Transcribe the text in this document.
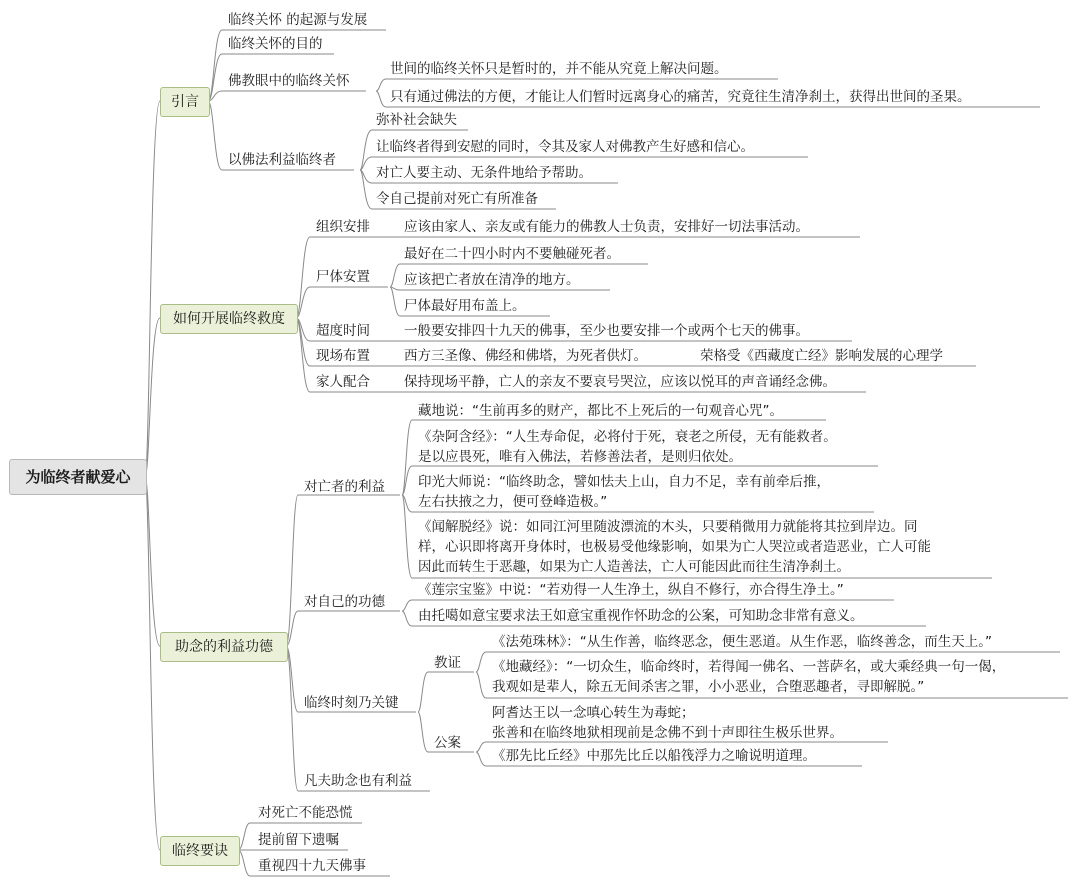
为临终者献爱心
引言
临终关怀 的起源与发展
临终关怀的目的
佛教眼中的临终关怀
世间的临终关怀只是暂时的，并不能从究竟上解决问题。
只有通过佛法的方便，才能让人们暂时远离身心的痛苦，究竟往生清净刹土，获得出世间的圣果。
以佛法利益临终者
弥补社会缺失
让临终者得到安慰的同时，令其及家人对佛教产生好感和信心。
对亡人要主动、无条件地给予帮助。
令自己提前对死亡有所准备
如何开展临终救度
组织安排	应该由家人、亲友或有能力的佛教人士负责，安排好一切法事活动。
尸体安置
最好在二十四小时内不要触碰死者。
应该把亡者放在清净的地方。
尸体最好用布盖上。
超度时间	一般要安排四十九天的佛事，至少也要安排一个或两个七天的佛事。
现场布置	西方三圣像、佛经和佛塔，为死者供灯。	荣格受《西藏度亡经》影响发展的心理学
家人配合	保持现场平静，亡人的亲友不要哀号哭泣，应该以悦耳的声音诵经念佛。
助念的利益功德
对亡者的利益
藏地说：“生前再多的财产，都比不上死后的一句观音心咒”。
《杂阿含经》：“人生寿命促，必将付于死，衰老之所侵，无有能救者。
是以应畏死，唯有入佛法，若修善法者，是则归依处。
印光大师说：“临终助念，譬如怯夫上山，自力不足，幸有前牵后推，
左右扶掖之力，便可登峰造极。”
《闻解脱经》说：如同江河里随波漂流的木头，只要稍微用力就能将其拉到岸边。同
样，心识即将离开身体时，也极易受他缘影响，如果为亡人哭泣或者造恶业，亡人可能
因此而转生于恶趣，如果为亡人造善法，亡人可能因此而往生清净刹土。
对自己的功德
《莲宗宝鉴》中说：“若劝得一人生净土，纵自不修行，亦合得生净土。”
由托噶如意宝要求法王如意宝重视作怀助念的公案，可知助念非常有意义。
临终时刻乃关键
教证
《法苑珠林》：“从生作善，临终恶念，便生恶道。从生作恶，临终善念，而生天上。”
《地藏经》：“一切众生，临命终时，若得闻一佛名、一菩萨名，或大乘经典一句一偈，
我观如是辈人，除五无间杀害之罪，小小恶业，合堕恶趣者，寻即解脱。”
公案
阿耆达王以一念嗔心转生为毒蛇；
张善和在临终地狱相现前是念佛不到十声即往生极乐世界。
《那先比丘经》中那先比丘以船筏浮力之喻说明道理。
凡夫助念也有利益
临终要诀
对死亡不能恐慌
提前留下遗嘱
重视四十九天佛事
